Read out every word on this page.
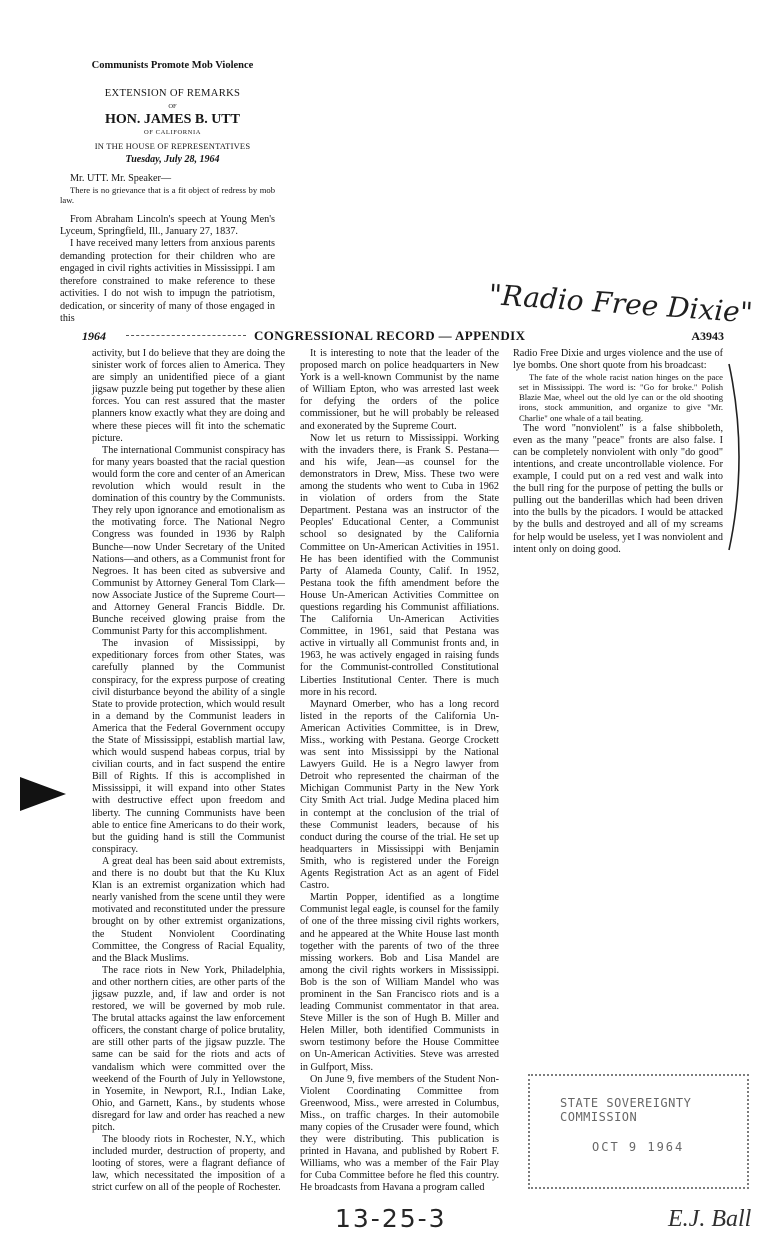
Communists Promote Mob Violence

EXTENSION OF REMARKS

OF

HON. JAMES B. UTT

OF CALIFORNIA

IN THE HOUSE OF REPRESENTATIVES

Tuesday, July 28, 1964

Mr. UTT. Mr. Speaker—

There is no grievance that is a fit object of redress by mob law.

From Abraham Lincoln's speech at Young Men's Lyceum, Springfield, Ill., January 27, 1837.

I have received many letters from anxious parents demanding protection for their children who are engaged in civil rights activities in Mississippi. I am therefore constrained to make reference to these activities. I do not wish to impugn the patriotism, dedication, or sincerity of many of those engaged in this	"Radio Free Dixie"
1964	CONGRESSIONAL RECORD — APPENDIX	A3943

activity, but I do believe that they are doing the sinister work of forces alien to America. They are simply an unidentified piece of a giant jigsaw puzzle being put together by these alien forces. You can rest assured that the master planners know exactly what they are doing and where these pieces will fit into the schematic picture.

The international Communist conspiracy has for many years boasted that the racial question would form the core and center of an American revolution which would result in the domination of this country by the Communists. They rely upon ignorance and emotionalism as the motivating force. The National Negro Congress was founded in 1936 by Ralph Bunche—now Under Secretary of the United Nations—and others, as a Communist front for Negroes. It has been cited as subversive and Communist by Attorney General Tom Clark—now Associate Justice of the Supreme Court—and Attorney General Francis Biddle. Dr. Bunche received glowing praise from the Communist Party for this accomplishment.

The invasion of Mississippi, by expeditionary forces from other States, was carefully planned by the Communist conspiracy, for the express purpose of creating civil disturbance beyond the ability of a single State to provide protection, which would result in a demand by the Communist leaders in America that the Federal Government occupy the State of Mississippi, establish martial law, which would suspend habeas corpus, trial by civilian courts, and in fact suspend the entire Bill of Rights. If this is accomplished in Mississippi, it will expand into other States with destructive effect upon freedom and liberty. The cunning Communists have been able to entice fine Americans to do their work, but the guiding hand is still the Communist conspiracy.

A great deal has been said about extremists, and there is no doubt but that the Ku Klux Klan is an extremist organization which had nearly vanished from the scene until they were motivated and reconstituted under the pressure brought on by other extremist organizations, the Student Nonviolent Coordinating Committee, the Congress of Racial Equality, and the Black Muslims.

The race riots in New York, Philadelphia, and other northern cities, are other parts of the jigsaw puzzle, and, if law and order is not restored, we will be governed by mob rule. The brutal attacks against the law enforcement officers, the constant charge of police brutality, are still other parts of the jigsaw puzzle. The same can be said for the riots and acts of vandalism which were committed over the weekend of the Fourth of July in Yellowstone, in Yosemite, in Newport, R.I., Indian Lake, Ohio, and Garnett, Kans., by students whose disregard for law and order has reached a new pitch.

The bloody riots in Rochester, N.Y., which included murder, destruction of property, and looting of stores, were a flagrant defiance of law, which necessitated the imposition of a strict curfew on all of the people of Rochester.

It is interesting to note that the leader of the proposed march on police headquarters in New York is a well-known Communist by the name of William Epton, who was arrested last week for defying the orders of the police commissioner, but he will probably be released and exonerated by the Supreme Court.

Now let us return to Mississippi. Working with the invaders there, is Frank S. Pestana—and his wife, Jean—as counsel for the demonstrators in Drew, Miss. These two were among the students who went to Cuba in 1962 in violation of orders from the State Department. Pestana was an instructor of the Peoples' Educational Center, a Communist school so designated by the California Committee on Un-American Activities in 1951. He has been identified with the Communist Party of Alameda County, Calif. In 1952, Pestana took the fifth amendment before the House Un-American Activities Committee on questions regarding his Communist affiliations. The California Un-American Activities Committee, in 1961, said that Pestana was active in virtually all Communist fronts and, in 1963, he was actively engaged in raising funds for the Communist-controlled Constitutional Liberties Institutional Center. There is much more in his record.

Maynard Omerber, who has a long record listed in the reports of the California Un-American Activities Committee, is in Drew, Miss., working with Pestana. George Crockett was sent into Mississippi by the National Lawyers Guild. He is a Negro lawyer from Detroit who represented the chairman of the Michigan Communist Party in the New York City Smith Act trial. Judge Medina placed him in contempt at the conclusion of the trial of these Communist leaders, because of his conduct during the course of the trial. He set up headquarters in Mississippi with Benjamin Smith, who is registered under the Foreign Agents Registration Act as an agent of Fidel Castro.

Martin Popper, identified as a longtime Communist legal eagle, is counsel for the family of one of the three missing civil rights workers, and he appeared at the White House last month together with the parents of two of the three missing workers. Bob and Lisa Mandel are among the civil rights workers in Mississippi. Bob is the son of William Mandel who was prominent in the San Francisco riots and is a leading Communist commentator in that area. Steve Miller is the son of Hugh B. Miller and Helen Miller, both identified Communists in sworn testimony before the House Committee on Un-American Activities. Steve was arrested in Gulfport, Miss.

On June 9, five members of the Student Non-Violent Coordinating Committee from Greenwood, Miss., were arrested in Columbus, Miss., on traffic charges. In their automobile many copies of the Crusader were found, which they were distributing. This publication is printed in Havana, and published by Robert F. Williams, who was a member of the Fair Play for Cuba Committee before he fled this country. He broadcasts from Havana a program called

Radio Free Dixie and urges violence and the use of lye bombs. One short quote from his broadcast:

The fate of the whole racist nation hinges on the pace set in Mississippi. The word is: "Go for broke." Polish Blazie Mae, wheel out the old lye can or the old shooting irons, stock ammunition, and organize to give "Mr. Charlie" one whale of a tail beating.

The word "nonviolent" is a false shibboleth, even as the many "peace" fronts are also false. I can be completely nonviolent with only "do good" intentions, and create uncontrollable violence. For example, I could put on a red vest and walk into the bull ring for the purpose of petting the bulls or pulling out the banderillas which had been driven into the bulls by the picadors. I would be attacked by the bulls and destroyed and all of my screams for help would be useless, yet I was nonviolent and intent only on doing good.

STATE SOVEREIGNTY COMMISSION
OCT 9 1964
13-25-3	E.J. Ball
